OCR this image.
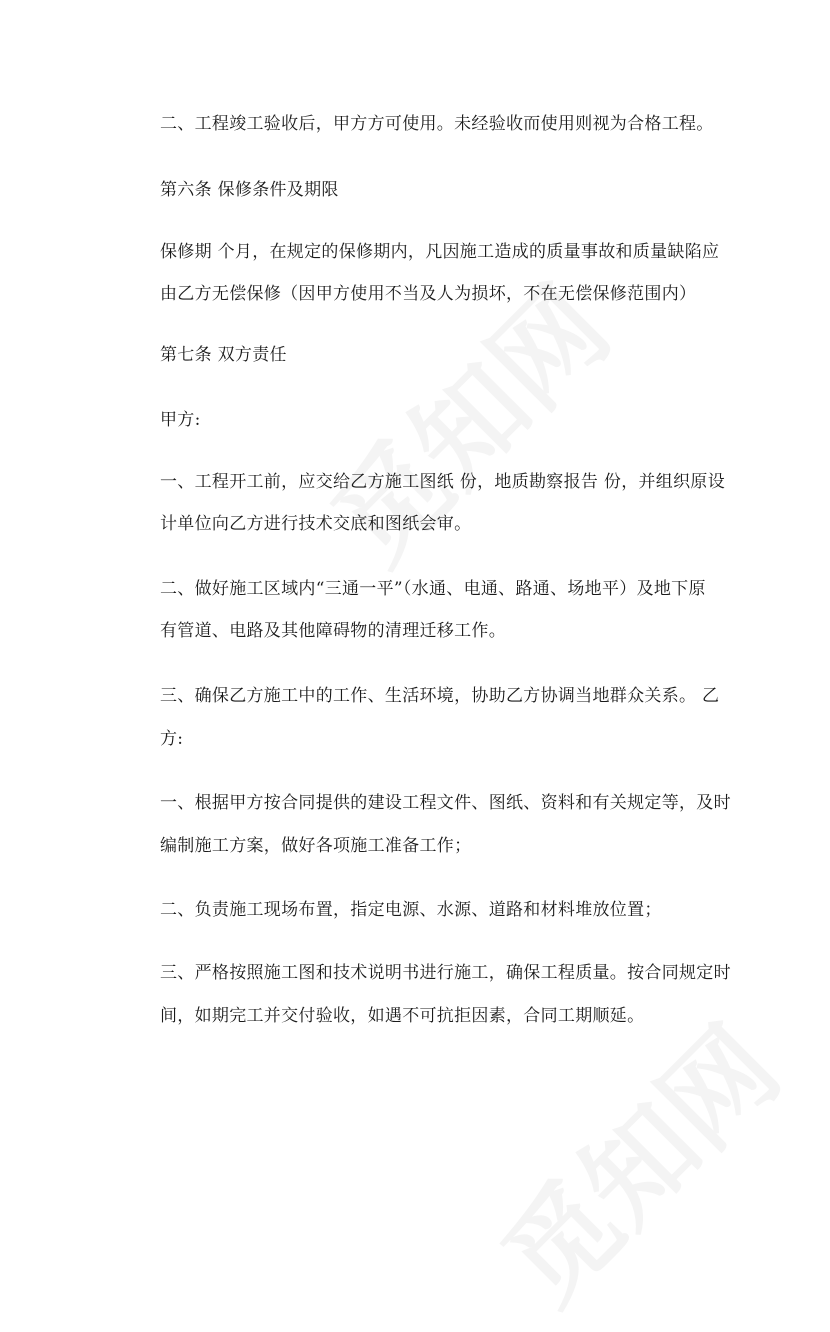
二、工程竣工验收后，甲方方可使用。未经验收而使用则视为合格工程。
第六条 保修条件及期限
保修期 个月，在规定的保修期内，凡因施工造成的质量事故和质量缺陷应
由乙方无偿保修（因甲方使用不当及人为损坏，不在无偿保修范围内）
第七条 双方责任
甲方:
一、工程开工前，应交给乙方施工图纸 份，地质勘察报告 份，并组织原设
计单位向乙方进行技术交底和图纸会审。
二、做好施工区域内“三通一平”（水通、电通、路通、场地平）及地下原
有管道、电路及其他障碍物的清理迁移工作。
三、确保乙方施工中的工作、生活环境，协助乙方协调当地群众关系。 乙
方:
一、根据甲方按合同提供的建设工程文件、图纸、资料和有关规定等，及时
编制施工方案，做好各项施工准备工作；
二、负责施工现场布置，指定电源、水源、道路和材料堆放位置；
三、严格按照施工图和技术说明书进行施工，确保工程质量。按合同规定时
间，如期完工并交付验收，如遇不可抗拒因素，合同工期顺延。
